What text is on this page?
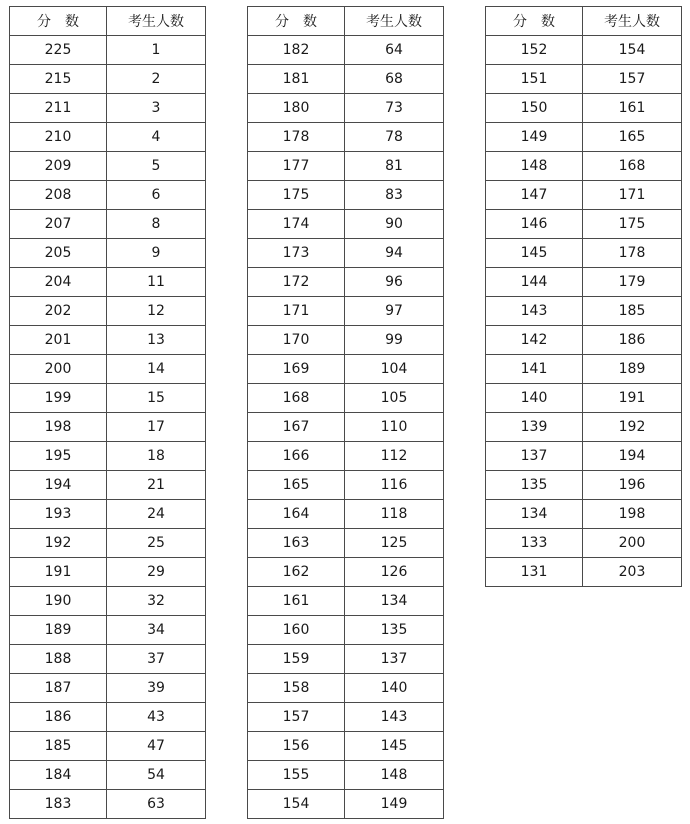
分　数	考生人数
225	1
215	2
211	3
210	4
209	5
208	6
207	8
205	9
204	11
202	12
201	13
200	14
199	15
198	17
195	18
194	21
193	24
192	25
191	29
190	32
189	34
188	37
187	39
186	43
185	47
184	54
183	63
分　数	考生人数
182	64
181	68
180	73
178	78
177	81
175	83
174	90
173	94
172	96
171	97
170	99
169	104
168	105
167	110
166	112
165	116
164	118
163	125
162	126
161	134
160	135
159	137
158	140
157	143
156	145
155	148
154	149
分　数	考生人数
152	154
151	157
150	161
149	165
148	168
147	171
146	175
145	178
144	179
143	185
142	186
141	189
140	191
139	192
137	194
135	196
134	198
133	200
131	203
